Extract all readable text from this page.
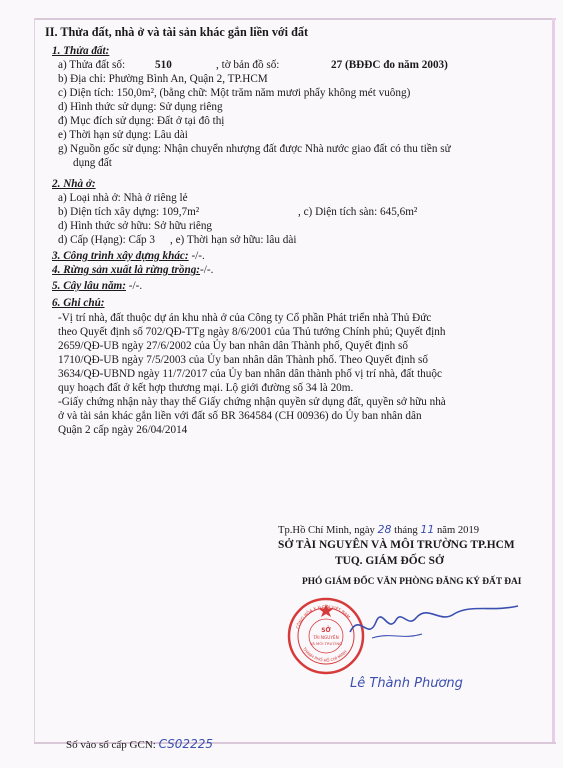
II. Thửa đất, nhà ở và tài sản khác gắn liền với đất
1. Thửa đất:
a) Thửa đất số:	510	, tờ bản đồ số:	27 (BĐĐC đo năm 2003)
b) Địa chỉ: Phường Bình An, Quận 2, TP.HCM
c) Diện tích: 150,0m², (bằng chữ: Một trăm năm mươi phẩy không mét vuông)
d) Hình thức sử dụng: Sử dụng riêng
đ) Mục đích sử dụng: Đất ở tại đô thị
e) Thời hạn sử dụng: Lâu dài
g) Nguồn gốc sử dụng: Nhận chuyển nhượng đất được Nhà nước giao đất có thu tiền sử
dụng đất
2. Nhà ở:
a) Loại nhà ở: Nhà ở riêng lẻ
b) Diện tích xây dựng: 109,7m²	, c) Diện tích sàn: 645,6m²
d) Hình thức sở hữu: Sở hữu riêng
d) Cấp (Hạng): Cấp 3 , e) Thời hạn sở hữu: lâu dài
3. Công trình xây dựng khác: -/-.
4. Rừng sản xuất là rừng trồng:-/-.
5. Cây lâu năm: -/-.
6. Ghi chú:
-Vị trí nhà, đất thuộc dự án khu nhà ở của Công ty Cổ phần Phát triển nhà Thủ Đức
theo Quyết định số 702/QĐ-TTg ngày 8/6/2001 của Thủ tướng Chính phủ; Quyết định
2659/QĐ-UB ngày 27/6/2002 của Ủy ban nhân dân Thành phố, Quyết định số
1710/QĐ-UB ngày 7/5/2003 của Ủy ban nhân dân Thành phố. Theo Quyết định số
3634/QĐ-UBND ngày 11/7/2017 của Ủy ban nhân dân thành phố vị trí nhà, đất thuộc
quy hoạch đất ở kết hợp thương mại. Lộ giới đường số 34 là 20m.
-Giấy chứng nhận này thay thế Giấy chứng nhận quyền sử dụng đất, quyền sở hữu nhà
ở và tài sản khác gắn liền với đất số BR 364584 (CH 00936) do Ủy ban nhân dân
Quận 2 cấp ngày 26/04/2014
Tp.Hồ Chí Minh, ngày 28 tháng 11 năm 2019
SỞ TÀI NGUYÊN VÀ MÔI TRƯỜNG TP.HCM
TUQ. GIÁM ĐỐC SỞ
PHÓ GIÁM ĐỐC VĂN PHÒNG ĐĂNG KÝ ĐẤT ĐAI
SỞ
TÀI NGUYÊN
VÀ MÔI TRƯỜNG
CỘNG HÒA X.H.C.N VIỆT NAM
THÀNH PHỐ HỒ CHÍ MINH
Lê Thành Phương
Số vào sổ cấp GCN: CS02225
